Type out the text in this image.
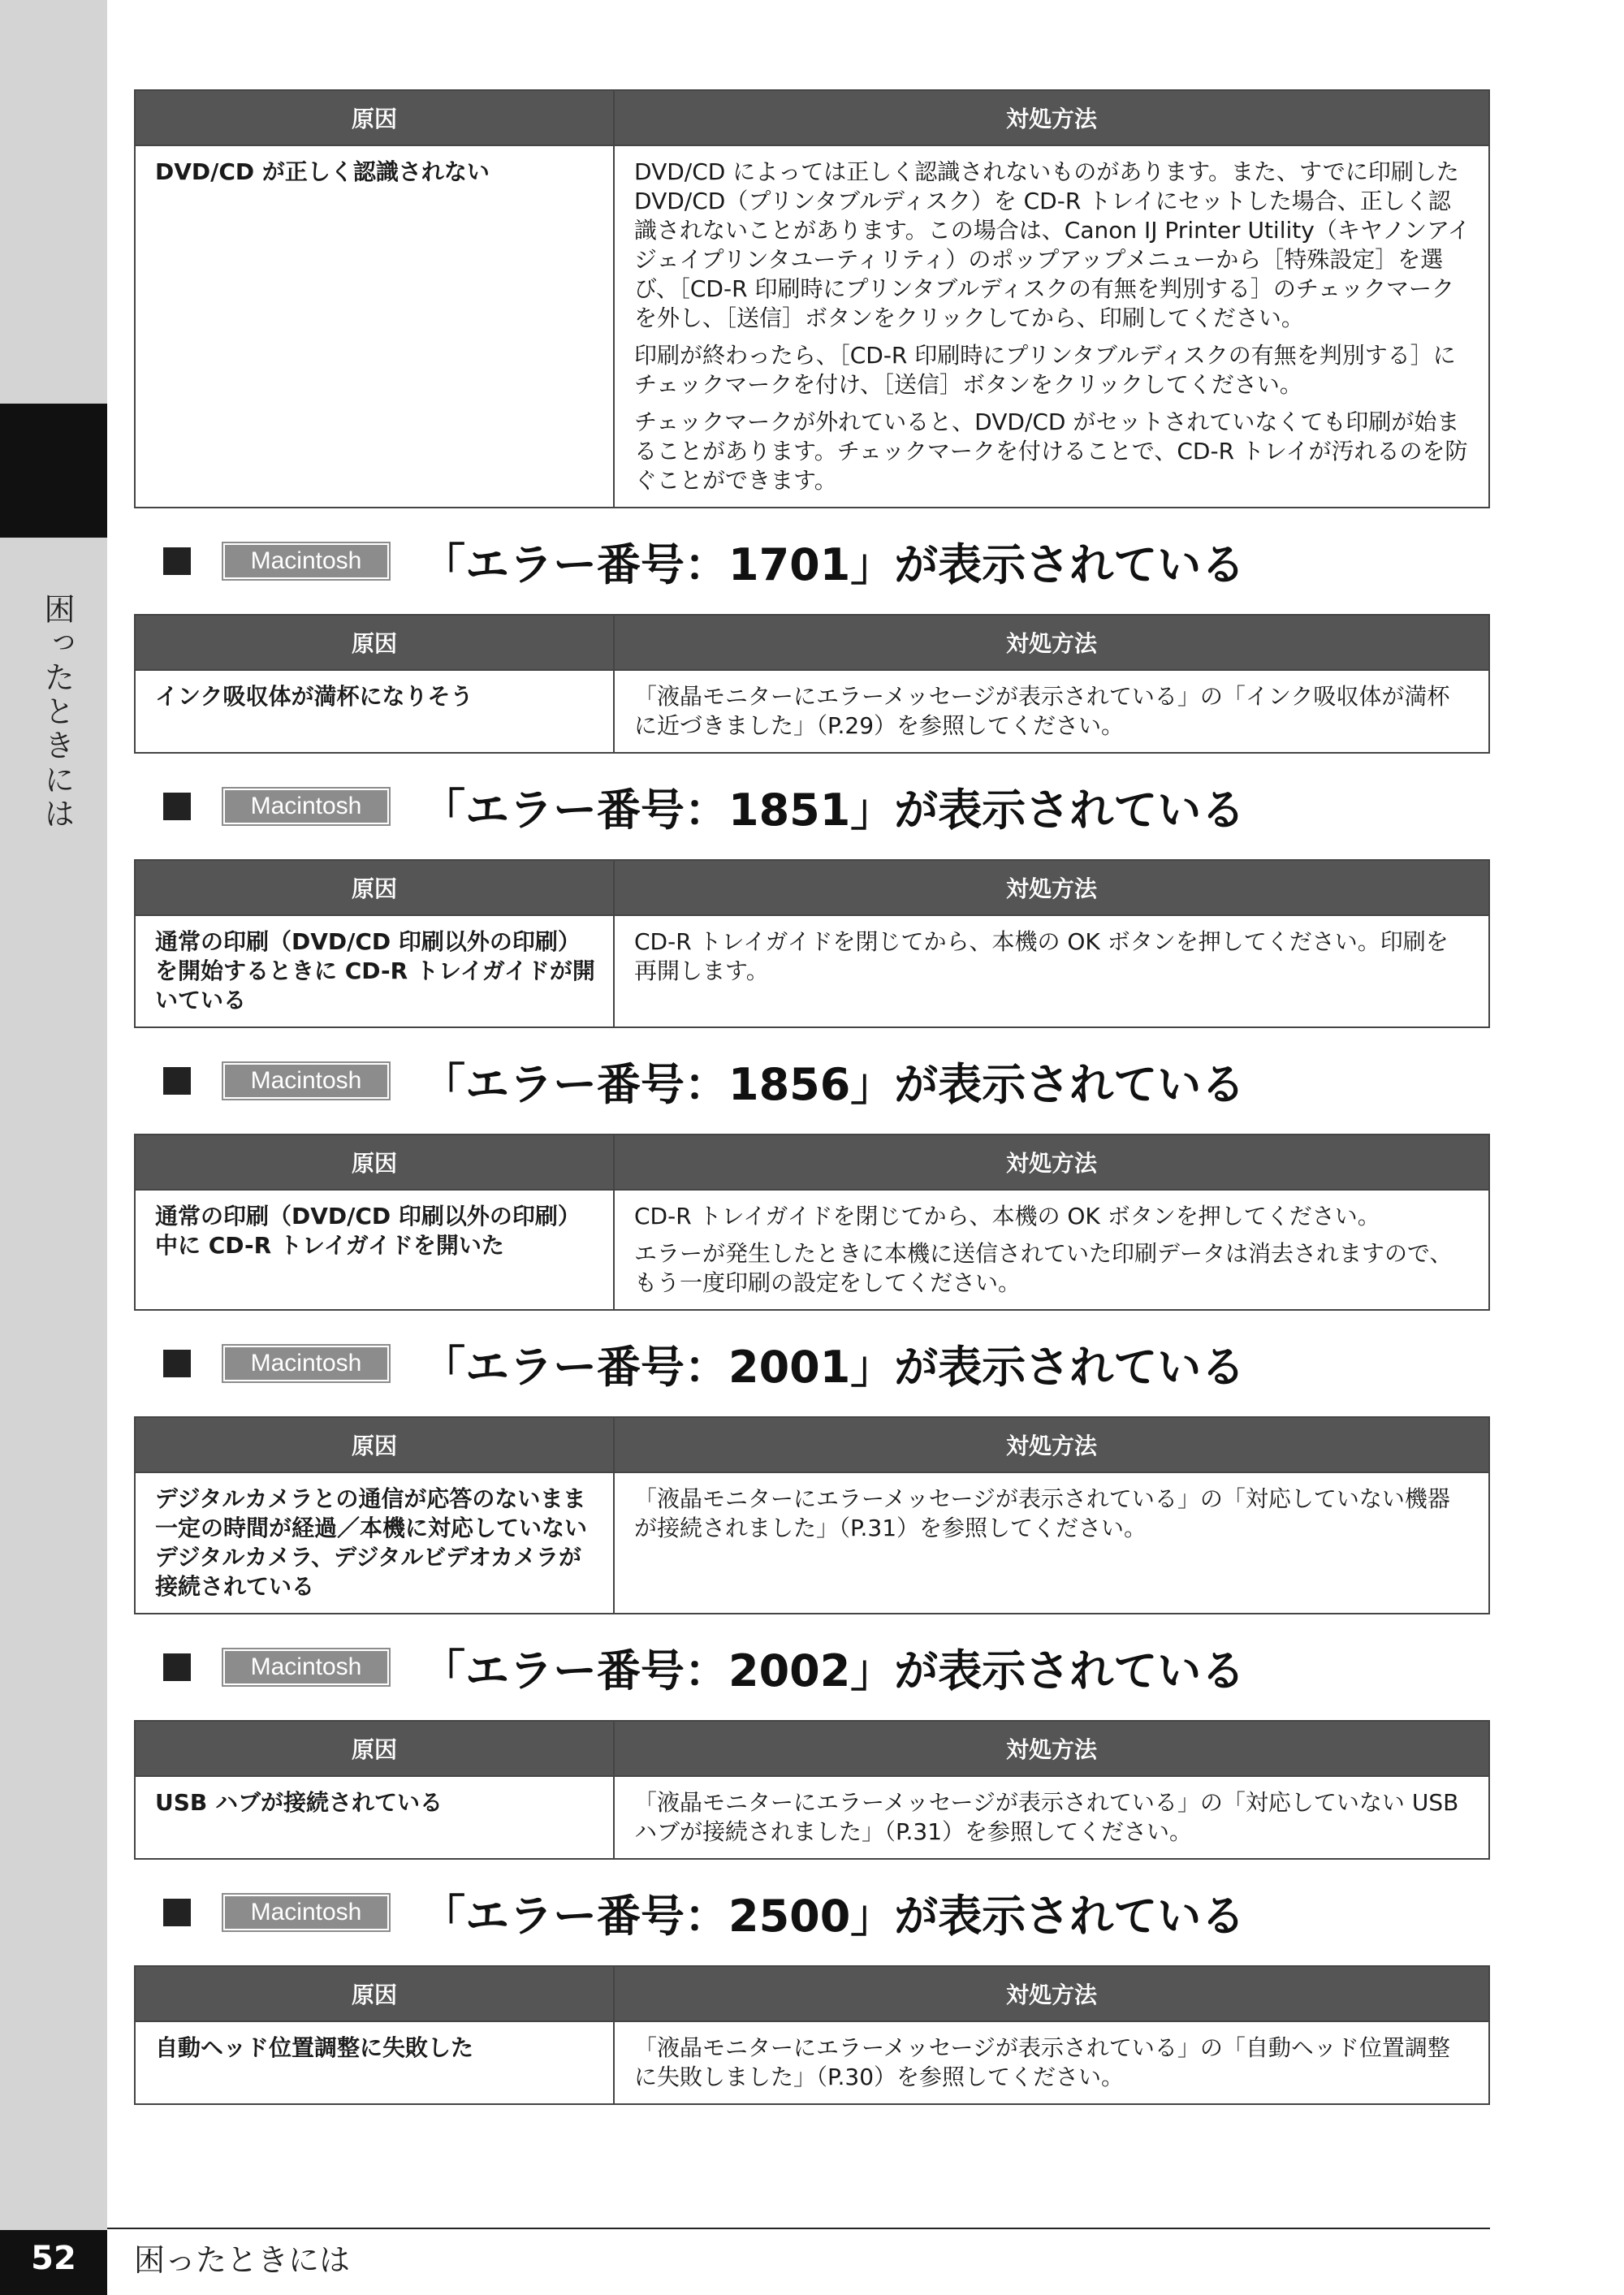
困ったときには
原因	対処方法
DVD/CD が正しく認識されない	DVD/CD によっては正しく認識されないものがあります。また、すでに印刷した DVD/CD（プリンタブルディスク）を CD-R トレイにセットした場合、正しく認識されないことがあります。この場合は、Canon IJ Printer Utility（キヤノンアイジェイプリンタユーティリティ）のポップアップメニューから［特殊設定］を選び、［CD-R 印刷時にプリンタブルディスクの有無を判別する］のチェックマークを外し、［送信］ボタンをクリックしてから、印刷してください。

印刷が終わったら、［CD-R 印刷時にプリンタブルディスクの有無を判別する］にチェックマークを付け、［送信］ボタンをクリックしてください。

チェックマークが外れていると、DVD/CD がセットされていなくても印刷が始まることがあります。チェックマークを付けることで、CD-R トレイが汚れるのを防ぐことができます。

Macintosh	「エラー番号：1701」が表示されている
原因	対処方法
インク吸収体が満杯になりそう	「液晶モニターにエラーメッセージが表示されている」の「インク吸収体が満杯に近づきました」（P.29）を参照してください。

Macintosh	「エラー番号：1851」が表示されている
原因	対処方法
通常の印刷（DVD/CD 印刷以外の印刷）を開始するときに CD-R トレイガイドが開いている	CD-R トレイガイドを閉じてから、本機の OK ボタンを押してください。印刷を再開します。

Macintosh	「エラー番号：1856」が表示されている
原因	対処方法
通常の印刷（DVD/CD 印刷以外の印刷）中に CD-R トレイガイドを開いた	CD-R トレイガイドを閉じてから、本機の OK ボタンを押してください。

エラーが発生したときに本機に送信されていた印刷データは消去されますので、もう一度印刷の設定をしてください。

Macintosh	「エラー番号：2001」が表示されている
原因	対処方法
デジタルカメラとの通信が応答のないまま一定の時間が経過／本機に対応していないデジタルカメラ、デジタルビデオカメラが接続されている	「液晶モニターにエラーメッセージが表示されている」の「対応していない機器が接続されました」（P.31）を参照してください。

Macintosh	「エラー番号：2002」が表示されている
原因	対処方法
USB ハブが接続されている	「液晶モニターにエラーメッセージが表示されている」の「対応していない USB ハブが接続されました」（P.31）を参照してください。

Macintosh	「エラー番号：2500」が表示されている
原因	対処方法
自動ヘッド位置調整に失敗した	「液晶モニターにエラーメッセージが表示されている」の「自動ヘッド位置調整に失敗しました」（P.30）を参照してください。

52	困ったときには
